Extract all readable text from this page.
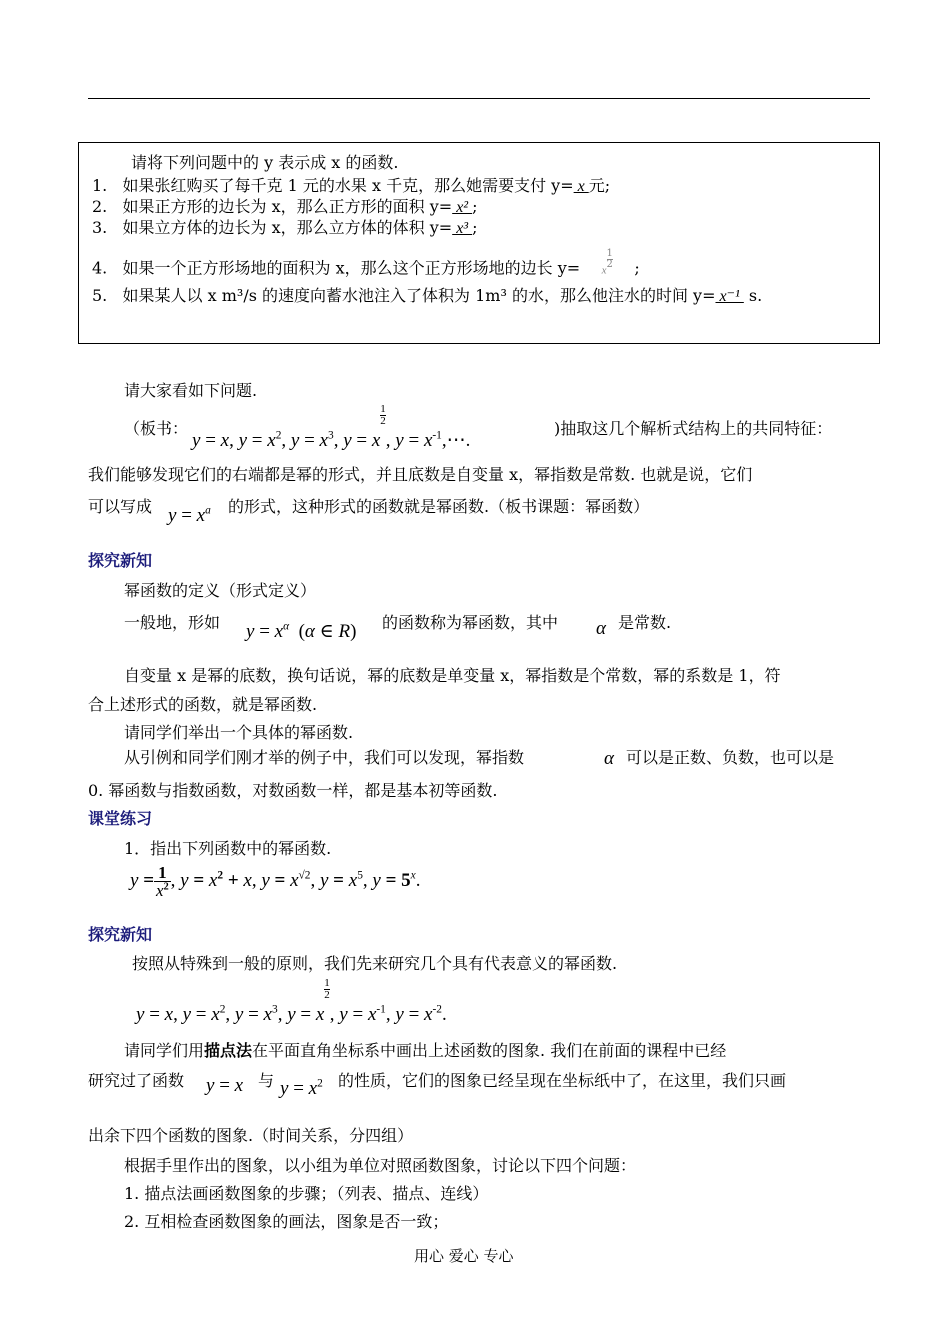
请将下列问题中的 y 表示成 x 的函数.
1. 如果张红购买了每千克 1 元的水果 x 千克，那么她需要支付 y= x 元;
2. 如果正方形的边长为 x，那么正方形的面积 y= x² ;
3. 如果立方体的边长为 x，那么立方体的体积 y= x³ ;
4. 如果一个正方形场地的面积为 x，那么这个正方形场地的边长 y= x
$\frac{1}{2}$ ;
5. 如果某人以 x m³/s 的速度向蓄水池注入了体积为 1m³ 的水，那么他注水的时间 y= x⁻¹  s.
请大家看如下问题.
（板书：
y = x, $y = x^2$, $y = x^3$, y = x
$\frac{1}{2}$
, $y = x^{-1},\cdots$.
)抽取这几个解析式结构上的共同特征：
我们能够发现它们的右端都是幂的形式，并且底数是自变量 x，幂指数是常数. 也就是说，它们
可以写成 $y = x^a$ 的形式，这种形式的函数就是幂函数.（板书课题：幂函数）
探究新知
幂函数的定义（形式定义）
一般地，形如 $y = x^\alpha$  (α ∈ R) 的函数称为幂函数，其中 α 是常数.
自变量 x 是幂的底数，换句话说，幂的底数是单变量 x，幂指数是个常数，幂的系数是 1，符
合上述形式的函数，就是幂函数.
请同学们举出一个具体的幂函数.
从引例和同学们刚才举的例子中，我们可以发现，幂指数	α 可以是正数、负数，也可以是
0. 幂函数与指数函数，对数函数一样，都是基本初等函数.
课堂练习
1．指出下列函数中的幂函数.
$y = \frac{1}{x^2}$ , $y = x^2 + x$, $y = x^{√2}$, $y = x^5$, $y = 5^x$.
探究新知
按照从特殊到一般的原则，我们先来研究几个具有代表意义的幂函数.
y = x, $y = x^2$, $y = x^3$, y = x
$\frac{1}{2}$
, $y = x^{-1}$, $y = x^{-2}$.
请同学们用描点法在平面直角坐标系中画出上述函数的图象. 我们在前面的课程中已经
研究过了函数 y = x 与 $y = x^2$ 的性质，它们的图象已经呈现在坐标纸中了，在这里，我们只画
出余下四个函数的图象.（时间关系，分四组）
根据手里作出的图象，以小组为单位对照函数图象，讨论以下四个问题：
1. 描点法画函数图象的步骤；（列表、描点、连线）
2. 互相检查函数图象的画法，图象是否一致；
用心 爱心 专心
